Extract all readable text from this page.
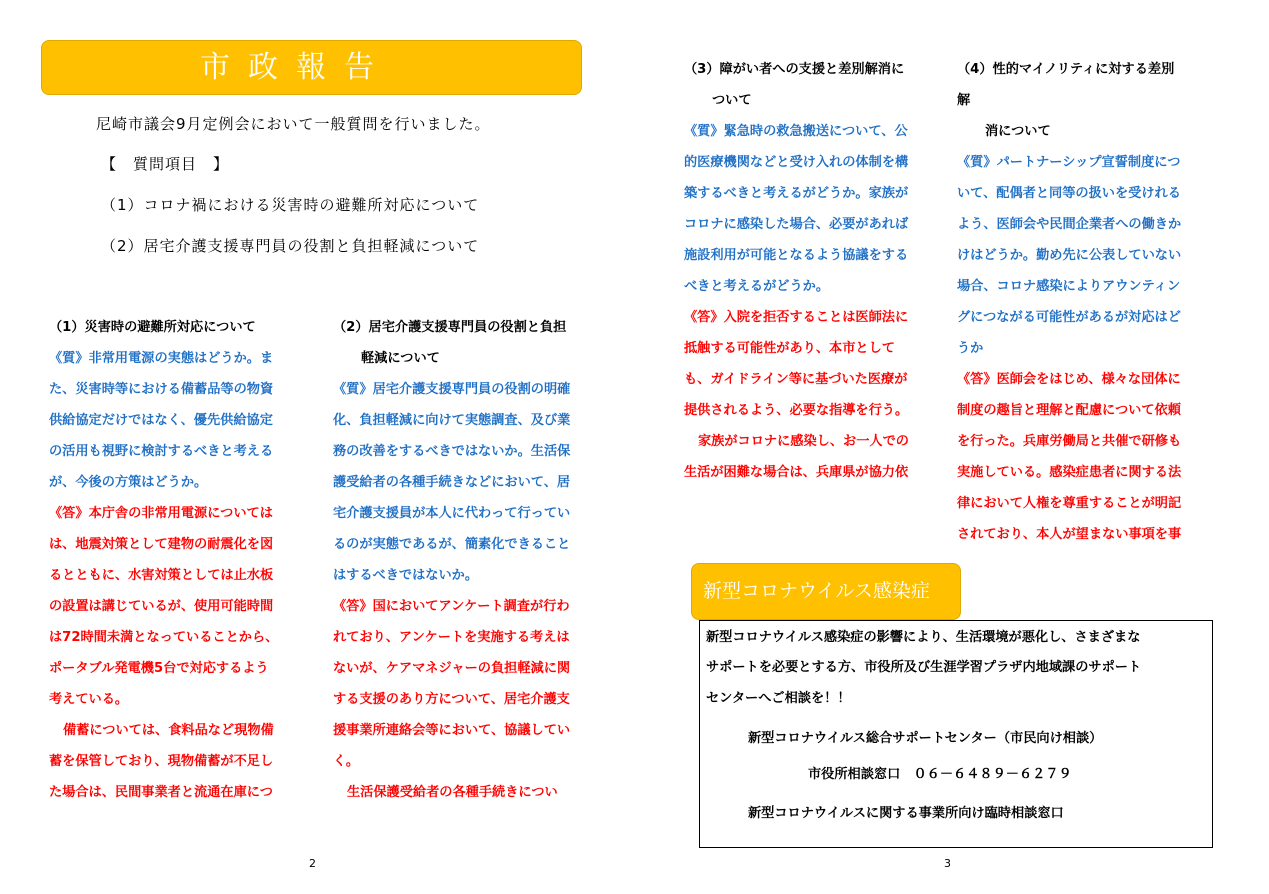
市政報告
尼崎市議会9月定例会において一般質問を行いました。
【　質問項目　】
（1）コロナ禍における災害時の避難所対応について
（2）居宅介護支援専門員の役割と負担軽減について
（1）災害時の避難所対応について
《質》非常用電源の実態はどうか。ま
た、災害時等における備蓄品等の物資
供給協定だけではなく、優先供給協定
の活用も視野に検討するべきと考える
が、今後の方策はどうか。
《答》本庁舎の非常用電源については
は、地震対策として建物の耐震化を図
るとともに、水害対策としては止水板
の設置は講じているが、使用可能時間
は72時間未満となっていることから、
ポータブル発電機5台で対応するよう
考えている。
備蓄については、食料品など現物備
蓄を保管しており、現物備蓄が不足し
た場合は、民間事業者と流通在庫につ
（2）居宅介護支援専門員の役割と負担
軽減について
《質》居宅介護支援専門員の役割の明確
化、負担軽減に向けて実態調査、及び業
務の改善をするべきではないか。生活保
護受給者の各種手続きなどにおいて、居
宅介護支援員が本人に代わって行ってい
るのが実態であるが、簡素化できること
はするべきではないか。
《答》国においてアンケート調査が行わ
れており、アンケートを実施する考えは
ないが、ケアマネジャーの負担軽減に関
する支援のあり方について、居宅介護支
援事業所連絡会等において、協議してい
く。
生活保護受給者の各種手続きについ
2
（3）障がい者への支援と差別解消に
ついて
《質》緊急時の救急搬送について、公
的医療機関などと受け入れの体制を構
築するべきと考えるがどうか。家族が
コロナに感染した場合、必要があれば
施設利用が可能となるよう協議をする
べきと考えるがどうか。
《答》入院を拒否することは医師法に
抵触する可能性があり、本市として
も、ガイドライン等に基づいた医療が
提供されるよう、必要な指導を行う。
家族がコロナに感染し、お一人での
生活が困難な場合は、兵庫県が協力依
（4）性的マイノリティに対する差別
解
消について
《質》パートナーシップ宣誓制度につ
いて、配偶者と同等の扱いを受けれる
よう、医師会や民間企業者への働きか
けはどうか。勤め先に公表していない
場合、コロナ感染によりアウンティン
グにつながる可能性があるが対応はど
うか
《答》医師会をはじめ、様々な団体に
制度の趣旨と理解と配慮について依頼
を行った。兵庫労働局と共催で研修も
実施している。感染症患者に関する法
律において人権を尊重することが明記
されており、本人が望まない事項を事
新型コロナウイルス感染症
新型コロナウイルス感染症の影響により、生活環境が悪化し、さまざまな
サポートを必要とする方、市役所及び生涯学習プラザ内地域課のサポート
センターへご相談を！！
新型コロナウイルス総合サポートセンター（市民向け相談）
市役所相談窓口　０６－６４８９－６２７９
新型コロナウイルスに関する事業所向け臨時相談窓口
3
